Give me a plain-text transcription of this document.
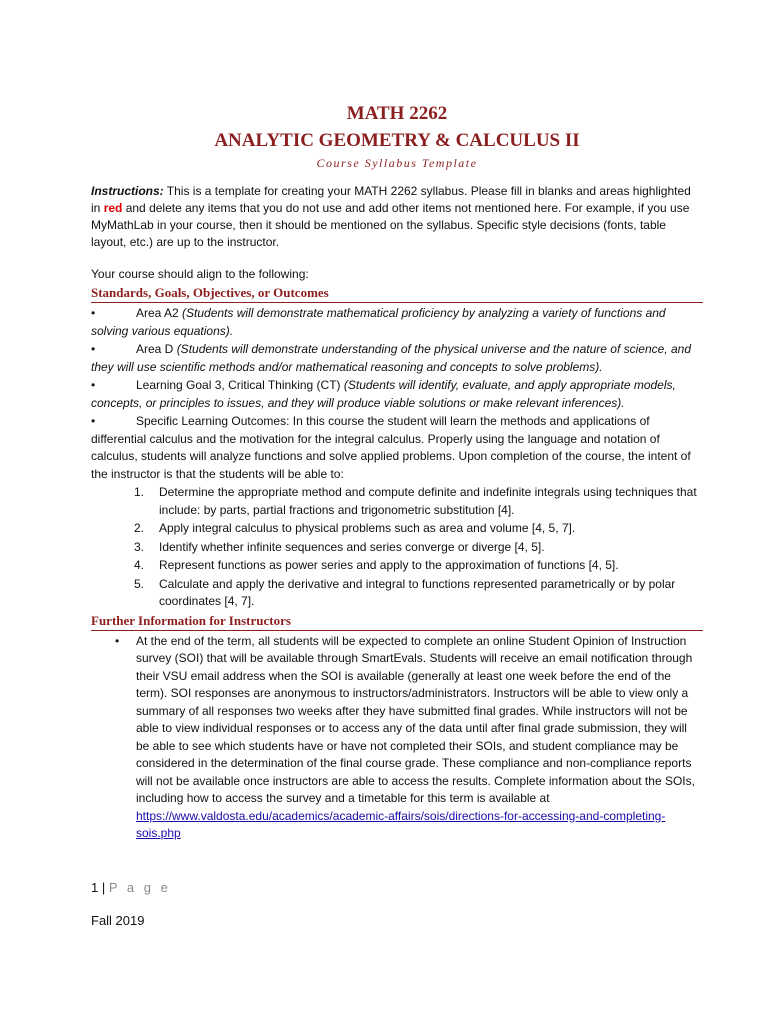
MATH 2262
ANALYTIC GEOMETRY & CALCULUS II
Course Syllabus Template

Instructions: This is a template for creating your MATH 2262 syllabus. Please fill in blanks and areas highlighted in red and delete any items that you do not use and add other items not mentioned here. For example, if you use MyMathLab in your course, then it should be mentioned on the syllabus. Specific style decisions (fonts, table layout, etc.) are up to the instructor.

Your course should align to the following:

Standards, Goals, Objectives, or Outcomes

•	Area A2 (Students will demonstrate mathematical proficiency by analyzing a variety of functions and solving various equations).

•	Area D (Students will demonstrate understanding of the physical universe and the nature of science, and they will use scientific methods and/or mathematical reasoning and concepts to solve problems).

•	Learning Goal 3, Critical Thinking (CT) (Students will identify, evaluate, and apply appropriate models, concepts, or principles to issues, and they will produce viable solutions or make relevant inferences).

•	Specific Learning Outcomes: In this course the student will learn the methods and applications of differential calculus and the motivation for the integral calculus. Properly using the language and notation of calculus, students will analyze functions and solve applied problems. Upon completion of the course, the intent of the instructor is that the students will be able to:

1. Determine the appropriate method and compute definite and indefinite integrals using techniques that include: by parts, partial fractions and trigonometric substitution [4].
2. Apply integral calculus to physical problems such as area and volume [4, 5, 7].
3. Identify whether infinite sequences and series converge or diverge [4, 5].
4. Represent functions as power series and apply to the approximation of functions [4, 5].
5. Calculate and apply the derivative and integral to functions represented parametrically or by polar coordinates [4, 7].
Further Information for Instructors
• At the end of the term, all students will be expected to complete an online Student Opinion of Instruction survey (SOI) that will be available through SmartEvals. Students will receive an email notification through their VSU email address when the SOI is available (generally at least one week before the end of the term). SOI responses are anonymous to instructors/administrators. Instructors will be able to view only a summary of all responses two weeks after they have submitted final grades. While instructors will not be able to view individual responses or to access any of the data until after final grade submission, they will be able to see which students have or have not completed their SOIs, and student compliance may be considered in the determination of the final course grade. These compliance and non-compliance reports will not be available once instructors are able to access the results. Complete information about the SOIs, including how to access the survey and a timetable for this term is available at https://www.valdosta.edu/academics/academic-affairs/sois/directions-for-accessing-and-completing-sois.php
1 | P a g e
Fall 2019
